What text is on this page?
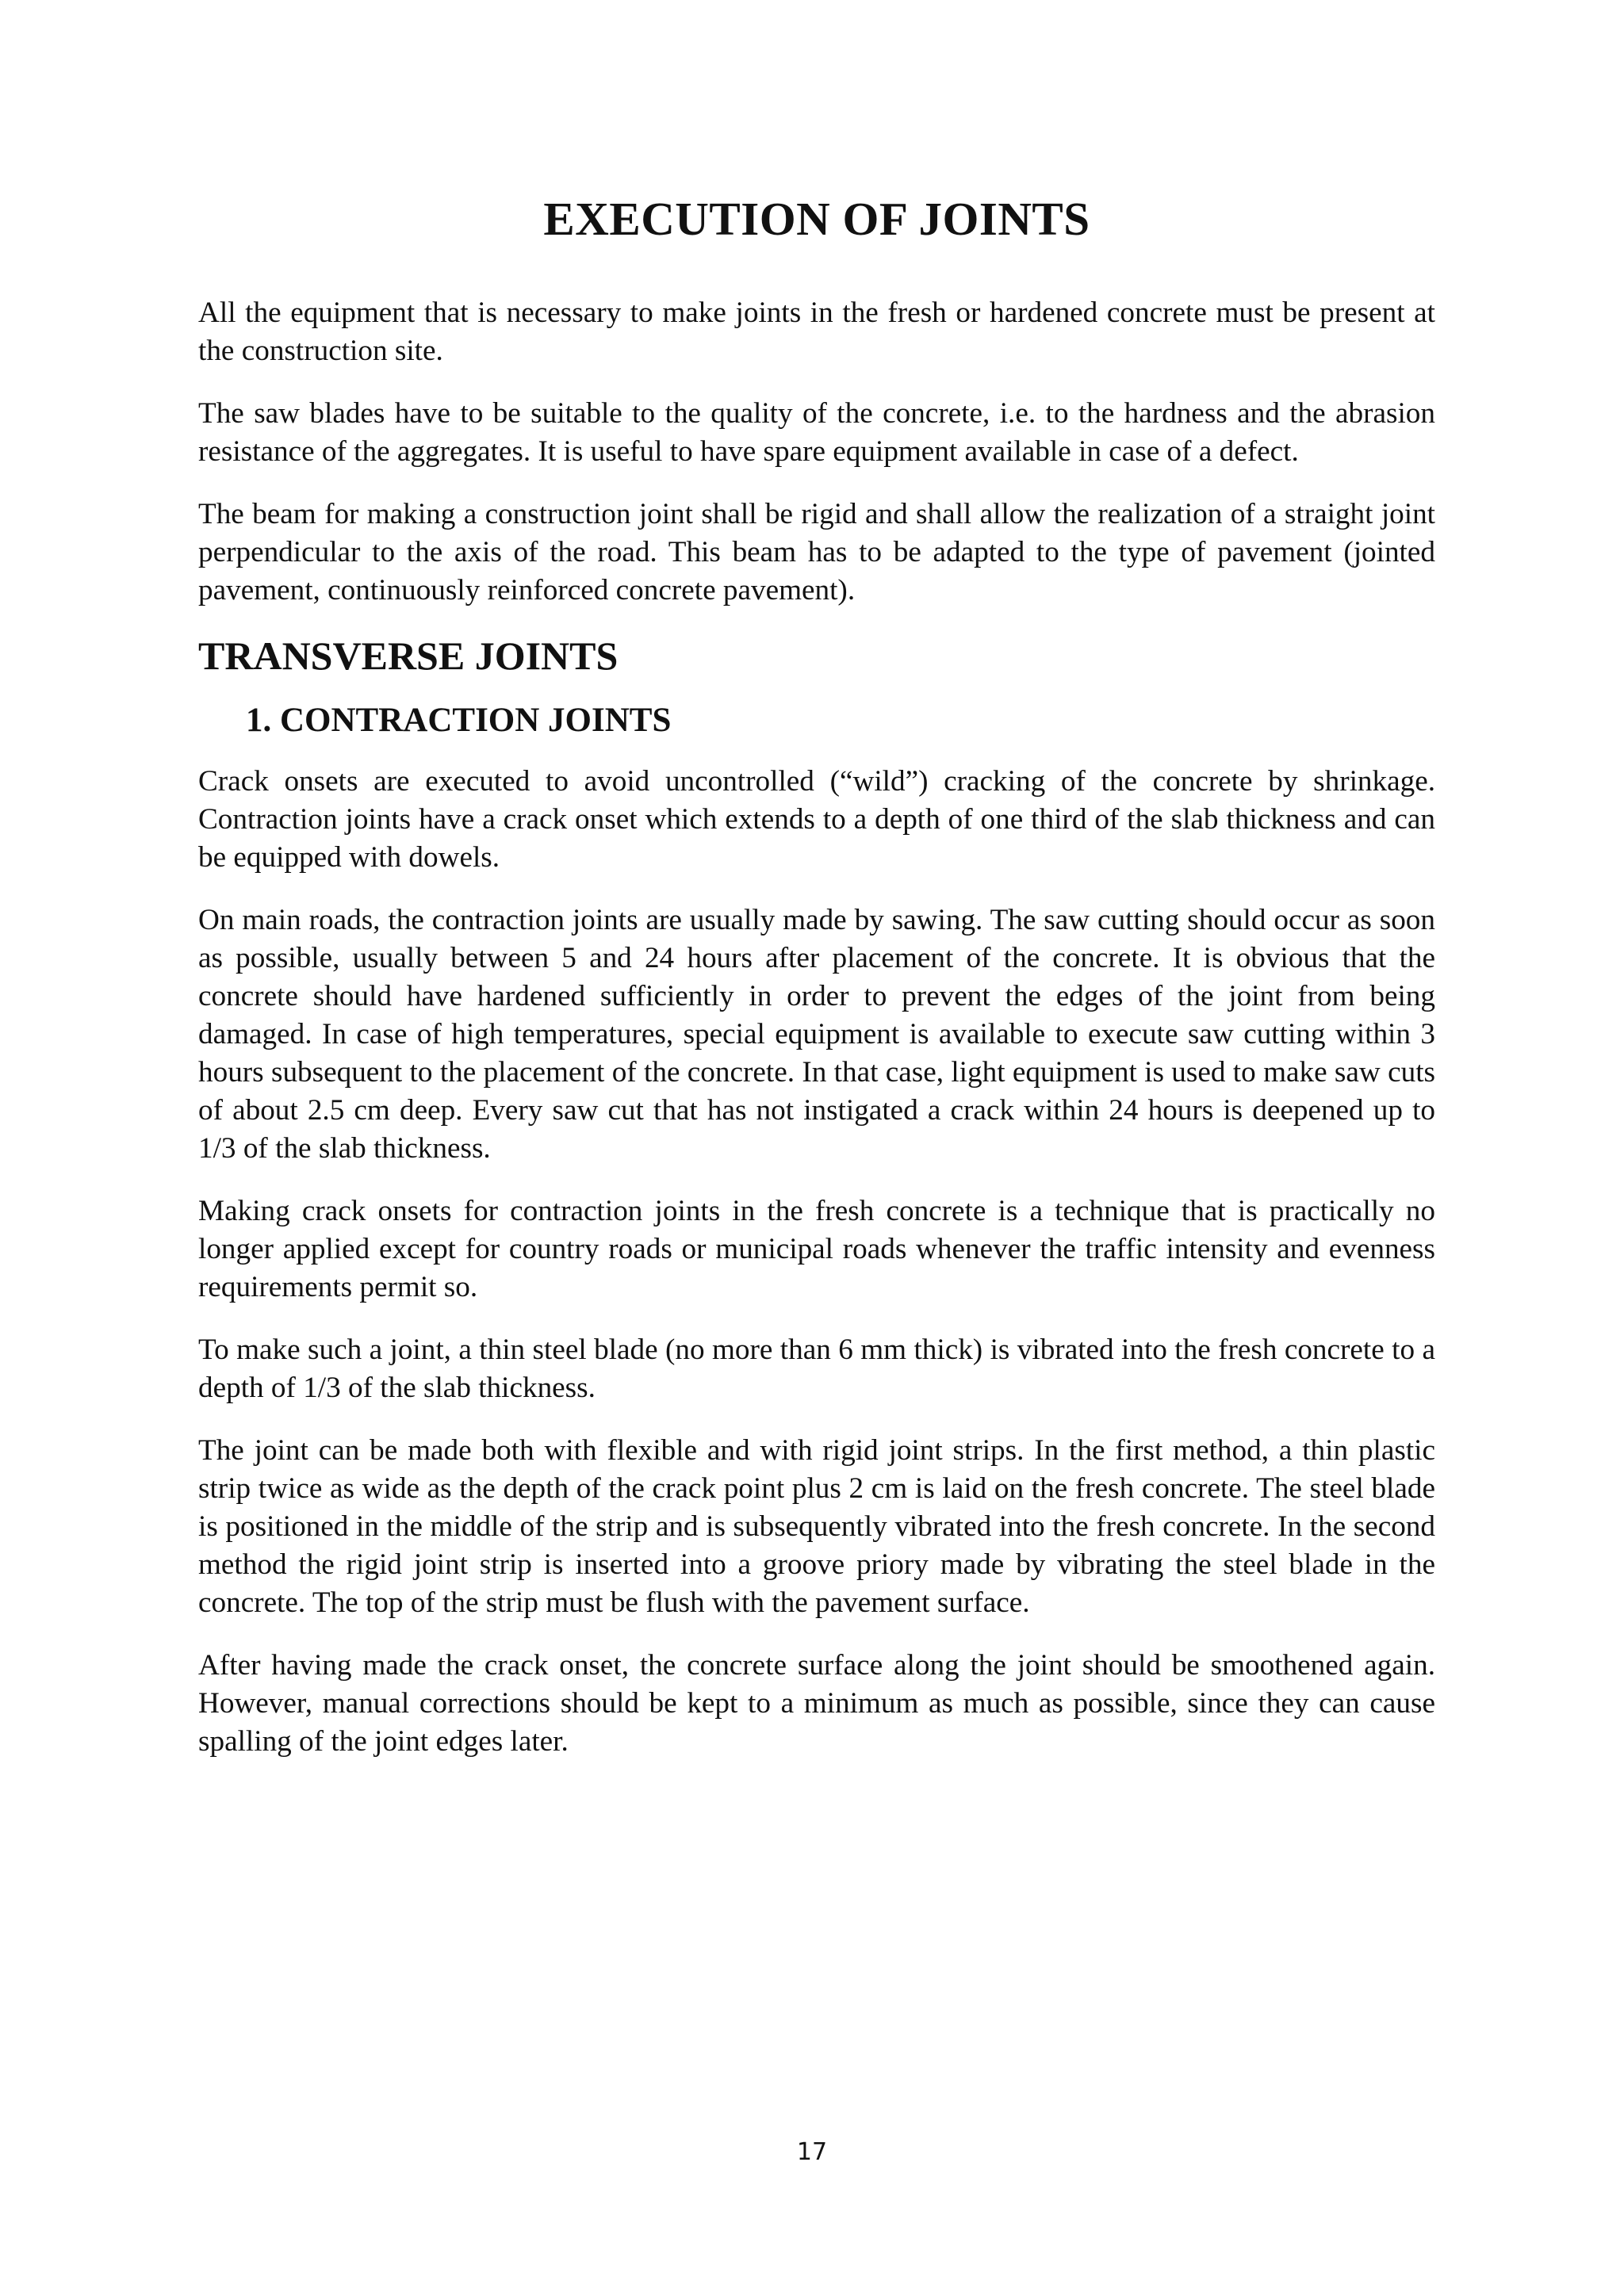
EXECUTION OF JOINTS

All the equipment that is necessary to make joints in the fresh or hardened concrete must be present at the construction site.

The saw blades have to be suitable to the quality of the concrete, i.e. to the hardness and the abrasion resistance of the aggregates. It is useful to have spare equipment available in case of a defect.

The beam for making a construction joint shall be rigid and shall allow the realization of a straight joint perpendicular to the axis of the road. This beam has to be adapted to the type of pavement (jointed pavement, continuously reinforced concrete pavement).

TRANSVERSE JOINTS
1. CONTRACTION JOINTS

Crack onsets are executed to avoid uncontrolled (“wild”) cracking of the concrete by shrinkage. Contraction joints have a crack onset which extends to a depth of one third of the slab thickness and can be equipped with dowels.

On main roads, the contraction joints are usually made by sawing. The saw cutting should occur as soon as possible, usually between 5 and 24 hours after placement of the concrete. It is obvious that the concrete should have hardened sufficiently in order to prevent the edges of the joint from being damaged. In case of high temperatures, special equipment is available to execute saw cutting within 3 hours subsequent to the placement of the concrete. In that case, light equipment is used to make saw cuts of about 2.5 cm deep. Every saw cut that has not instigated a crack within 24 hours is deepened up to 1/3 of the slab thickness.

Making crack onsets for contraction joints in the fresh concrete is a technique that is practically no longer applied except for country roads or municipal roads whenever the traffic intensity and evenness requirements permit so.

To make such a joint, a thin steel blade (no more than 6 mm thick) is vibrated into the fresh concrete to a depth of 1/3 of the slab thickness.

The joint can be made both with flexible and with rigid joint strips. In the first method, a thin plastic strip twice as wide as the depth of the crack point plus 2 cm is laid on the fresh concrete. The steel blade is positioned in the middle of the strip and is subsequently vibrated into the fresh concrete. In the second method the rigid joint strip is inserted into a groove priory made by vibrating the steel blade in the concrete. The top of the strip must be flush with the pavement surface.

After having made the crack onset, the concrete surface along the joint should be smoothened again. However, manual corrections should be kept to a minimum as much as possible, since they can cause spalling of the joint edges later.

17
